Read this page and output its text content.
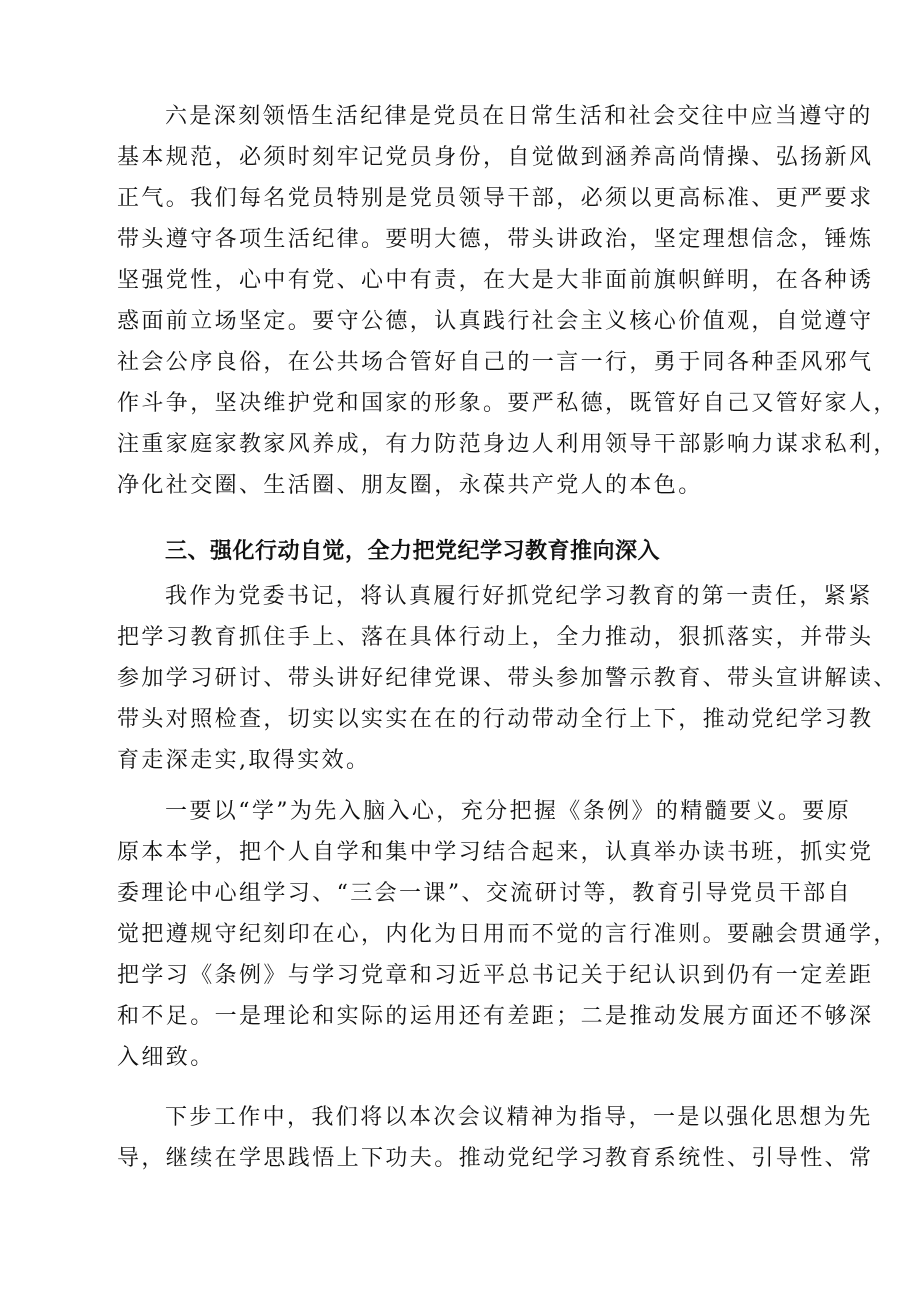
六是深刻领悟生活纪律是党员在日常生活和社会交往中应当遵守的
基本规范，必须时刻牢记党员身份，自觉做到涵养高尚情操、弘扬新风
正气。我们每名党员特别是党员领导干部，必须以更高标准、更严要求
带头遵守各项生活纪律。要明大德，带头讲政治，坚定理想信念，锤炼
坚强党性，心中有党、心中有责，在大是大非面前旗帜鲜明，在各种诱
惑面前立场坚定。要守公德，认真践行社会主义核心价值观，自觉遵守
社会公序良俗，在公共场合管好自己的一言一行，勇于同各种歪风邪气
作斗争，坚决维护党和国家的形象。要严私德，既管好自己又管好家人，
注重家庭家教家风养成，有力防范身边人利用领导干部影响力谋求私利，
净化社交圈、生活圈、朋友圈，永葆共产党人的本色。
三、强化行动自觉，全力把党纪学习教育推向深入
我作为党委书记，将认真履行好抓党纪学习教育的第一责任，紧紧
把学习教育抓住手上、落在具体行动上，全力推动，狠抓落实，并带头
参加学习研讨、带头讲好纪律党课、带头参加警示教育、带头宣讲解读、
带头对照检查，切实以实实在在的行动带动全行上下，推动党纪学习教
育走深走实,取得实效。
一要以“学”为先入脑入心，充分把握《条例》的精髓要义。要原
原本本学，把个人自学和集中学习结合起来，认真举办读书班，抓实党
委理论中心组学习、“三会一课”、交流研讨等，教育引导党员干部自
觉把遵规守纪刻印在心，内化为日用而不觉的言行准则。要融会贯通学，
把学习《条例》与学习党章和习近平总书记关于纪认识到仍有一定差距
和不足。一是理论和实际的运用还有差距；二是推动发展方面还不够深
入细致。
下步工作中，我们将以本次会议精神为指导，一是以强化思想为先
导，继续在学思践悟上下功夫。推动党纪学习教育系统性、引导性、常
